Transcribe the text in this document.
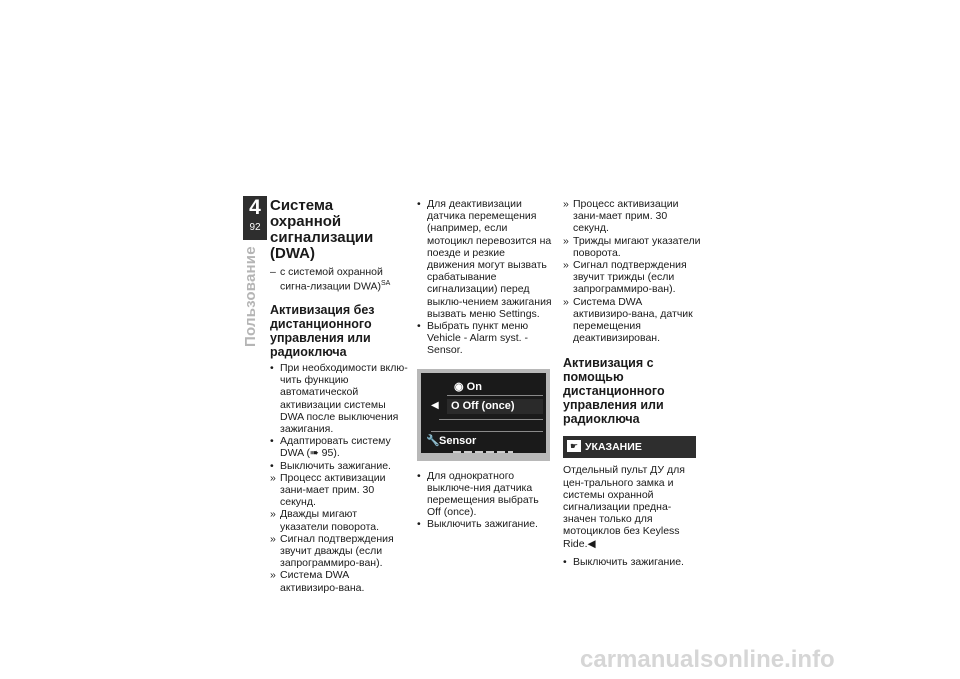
4
92
Пользование
Система охранной сигнализации (DWA)

– с системой охранной сигна-лизации DWA)$^{SA}$

Активизация без дистанционного управления или радиоключа

• При необходимости вклю-чить функцию автоматической активизации системы DWA после выключения зажигания.

• Адаптировать систему DWA (➠ 95).

• Выключить зажигание.

» Процесс активизации зани-мает прим. 30 секунд.

» Дважды мигают указатели поворота.

» Сигнал подтверждения звучит дважды (если запрограммиро-ван).

» Система DWA активизиро-вана.

• Для деактивизации датчика перемещения (например, если мотоцикл перевозится на поезде и резкие движения могут вызвать срабатывание сигнализации) перед выклю-чением зажигания вызвать меню Settings.

• Выбрать пункт меню Vehicle - Alarm syst. - Sensor.

◉ On
◀	O Off (once)
🔧 Sensor

• Для однократного выключе-ния датчика перемещения выбрать Off (once).

• Выключить зажигание.

» Процесс активизации зани-мает прим. 30 секунд.

» Трижды мигают указатели поворота.

» Сигнал подтверждения звучит трижды (если запрограммиро-ван).

» Система DWA активизиро-вана, датчик перемещения деактивизирован.

Активизация с помощью дистанционного управления или радиоключа
☛ УКАЗАНИЕ

Отдельный пульт ДУ для цен-трального замка и системы охранной сигнализации предна-значен только для мотоциклов без Keyless Ride.◀

• Выключить зажигание.

carmanualsonline.info
